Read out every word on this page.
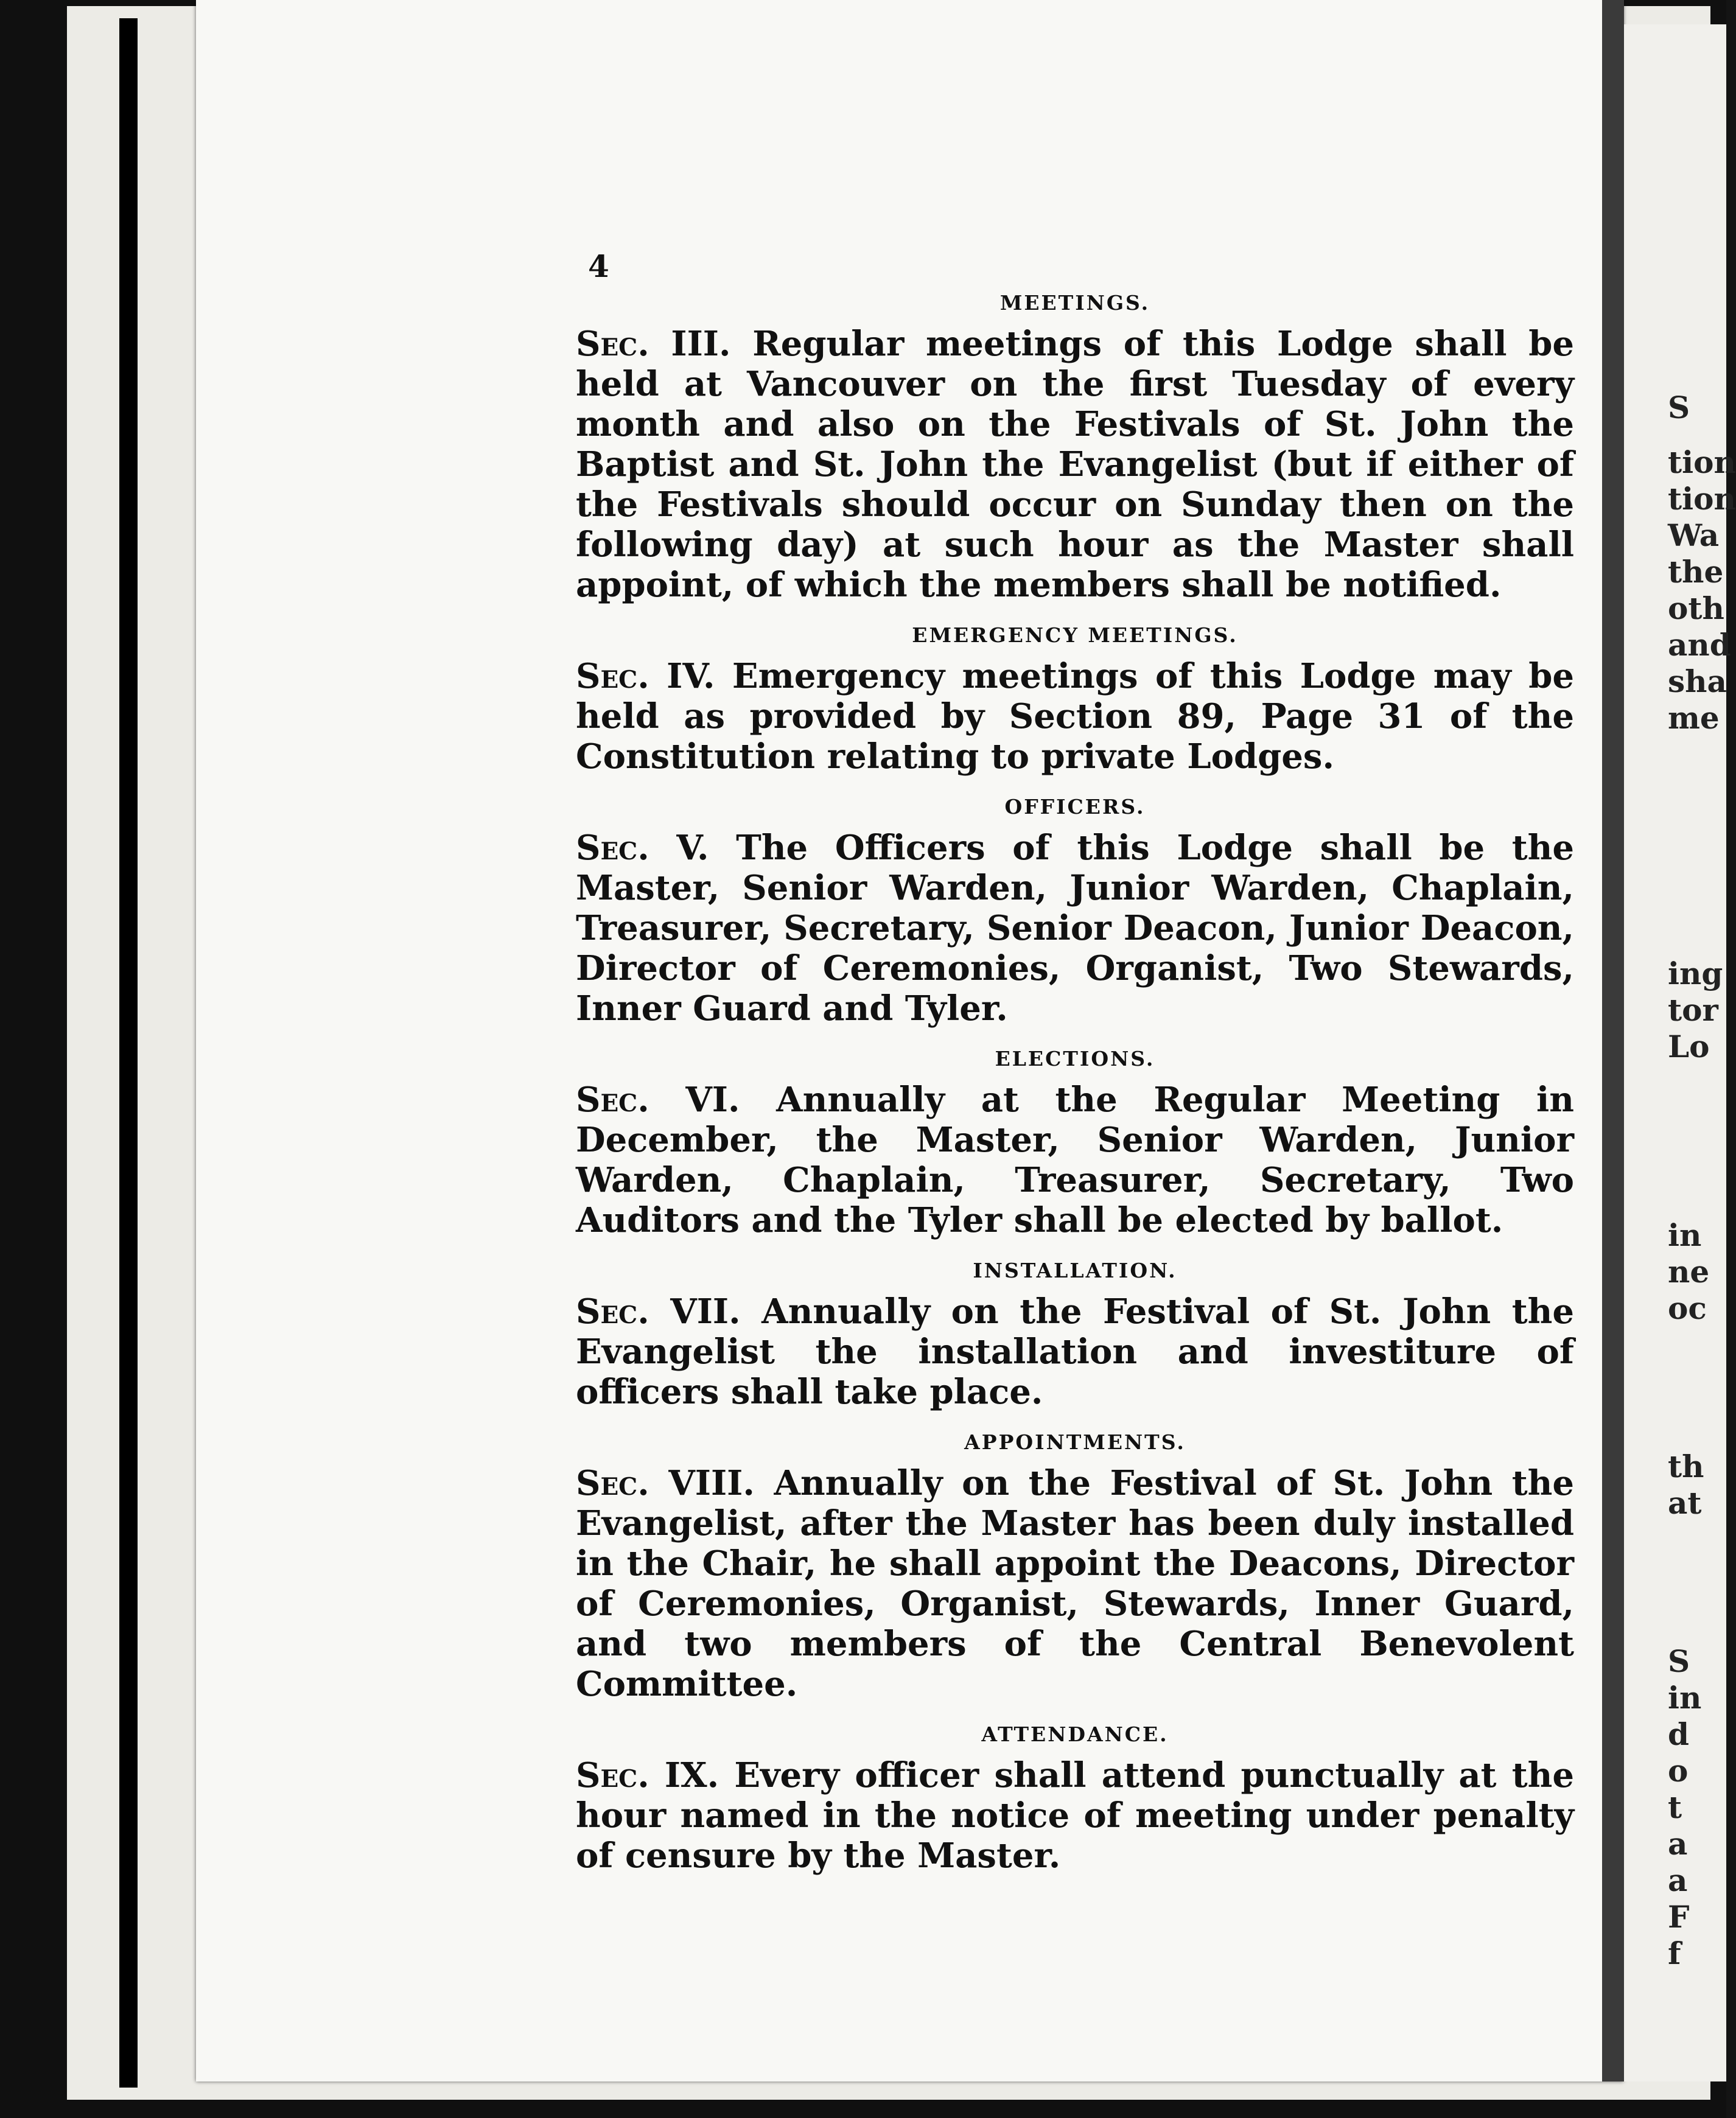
4
MEETINGS.

Sec. III. Regular meetings of this Lodge shall be held at Vancouver on the first Tuesday of every month and also on the Festivals of St. John the Baptist and St. John the Evangelist (but if either of the Festivals should occur on Sunday then on the following day) at such hour as the Master shall appoint, of which the members shall be notified.

EMERGENCY MEETINGS.

Sec. IV. Emergency meetings of this Lodge may be held as provided by Section 89, Page 31 of the Constitution relating to private Lodges.

OFFICERS.

Sec. V. The Officers of this Lodge shall be the Master, Senior Warden, Junior Warden, Chaplain, Treasurer, Secretary, Senior Deacon, Junior Deacon, Director of Ceremonies, Organist, Two Stewards, Inner Guard and Tyler.

ELECTIONS.

Sec. VI. Annually at the Regular Meeting in December, the Master, Senior Warden, Junior Warden, Chaplain, Treasurer, Secretary, Two Auditors and the Tyler shall be elected by ballot.

INSTALLATION.

Sec. VII. Annually on the Festival of St. John the Evangelist the installation and investiture of officers shall take place.

APPOINTMENTS.

Sec. VIII. Annually on the Festival of St. John the Evangelist, after the Master has been duly installed in the Chair, he shall appoint the Deacons, Director of Ceremonies, Organist, Stewards, Inner Guard, and two members of the Central Benevolent Committee.

ATTENDANCE.

Sec. IX. Every officer shall attend punctually at the hour named in the notice of meeting under penalty of censure by the Master.

S
tion
tion
Wa
the
oth
and
sha
me
ing
tor
Lo
in
ne
oc
th
at
S
in
d
o
t
a
a
F
f
